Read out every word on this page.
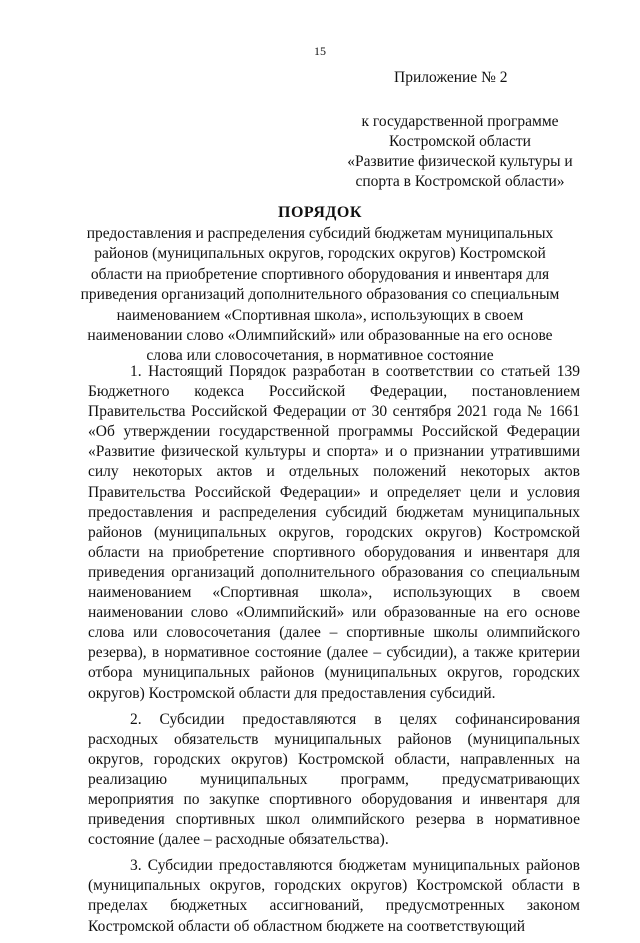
15
Приложение № 2
к государственной программе
Костромской области
«Развитие физической культуры и
спорта в Костромской области»
ПОРЯДОК
предоставления и распределения субсидий бюджетам муниципальных
районов (муниципальных округов, городских округов) Костромской
области на приобретение спортивного оборудования и инвентаря для
приведения организаций дополнительного образования со специальным
наименованием «Спортивная школа», использующих в своем
наименовании слово «Олимпийский» или образованные на его основе
слова или словосочетания, в нормативное состояние

1. Настоящий Порядок разработан в соответствии со статьей 139 Бюджетного кодекса Российской Федерации, постановлением Правительства Российской Федерации от 30 сентября 2021 года № 1661 «Об утверждении государственной программы Российской Федерации «Развитие физической культуры и спорта» и о признании утратившими силу некоторых актов и отдельных положений некоторых актов Правительства Российской Федерации» и определяет цели и условия предоставления и распределения субсидий бюджетам муниципальных районов (муниципальных округов, городских округов) Костромской области на приобретение спортивного оборудования и инвентаря для приведения организаций дополнительного образования со специальным наименованием «Спортивная школа», использующих в своем наименовании слово «Олимпийский» или образованные на его основе слова или словосочетания (далее – спортивные школы олимпийского резерва), в нормативное состояние (далее – субсидии), а также критерии отбора муниципальных районов (муниципальных округов, городских округов) Костромской области для предоставления субсидий.

2. Субсидии предоставляются в целях софинансирования расходных обязательств муниципальных районов (муниципальных округов, городских округов) Костромской области, направленных на реализацию муниципальных программ, предусматривающих мероприятия по закупке спортивного оборудования и инвентаря для приведения спортивных школ олимпийского резерва в нормативное состояние (далее – расходные обязательства).

3. Субсидии предоставляются бюджетам муниципальных районов (муниципальных округов, городских округов) Костромской области в пределах бюджетных ассигнований, предусмотренных законом Костромской области об областном бюджете на соответствующий
